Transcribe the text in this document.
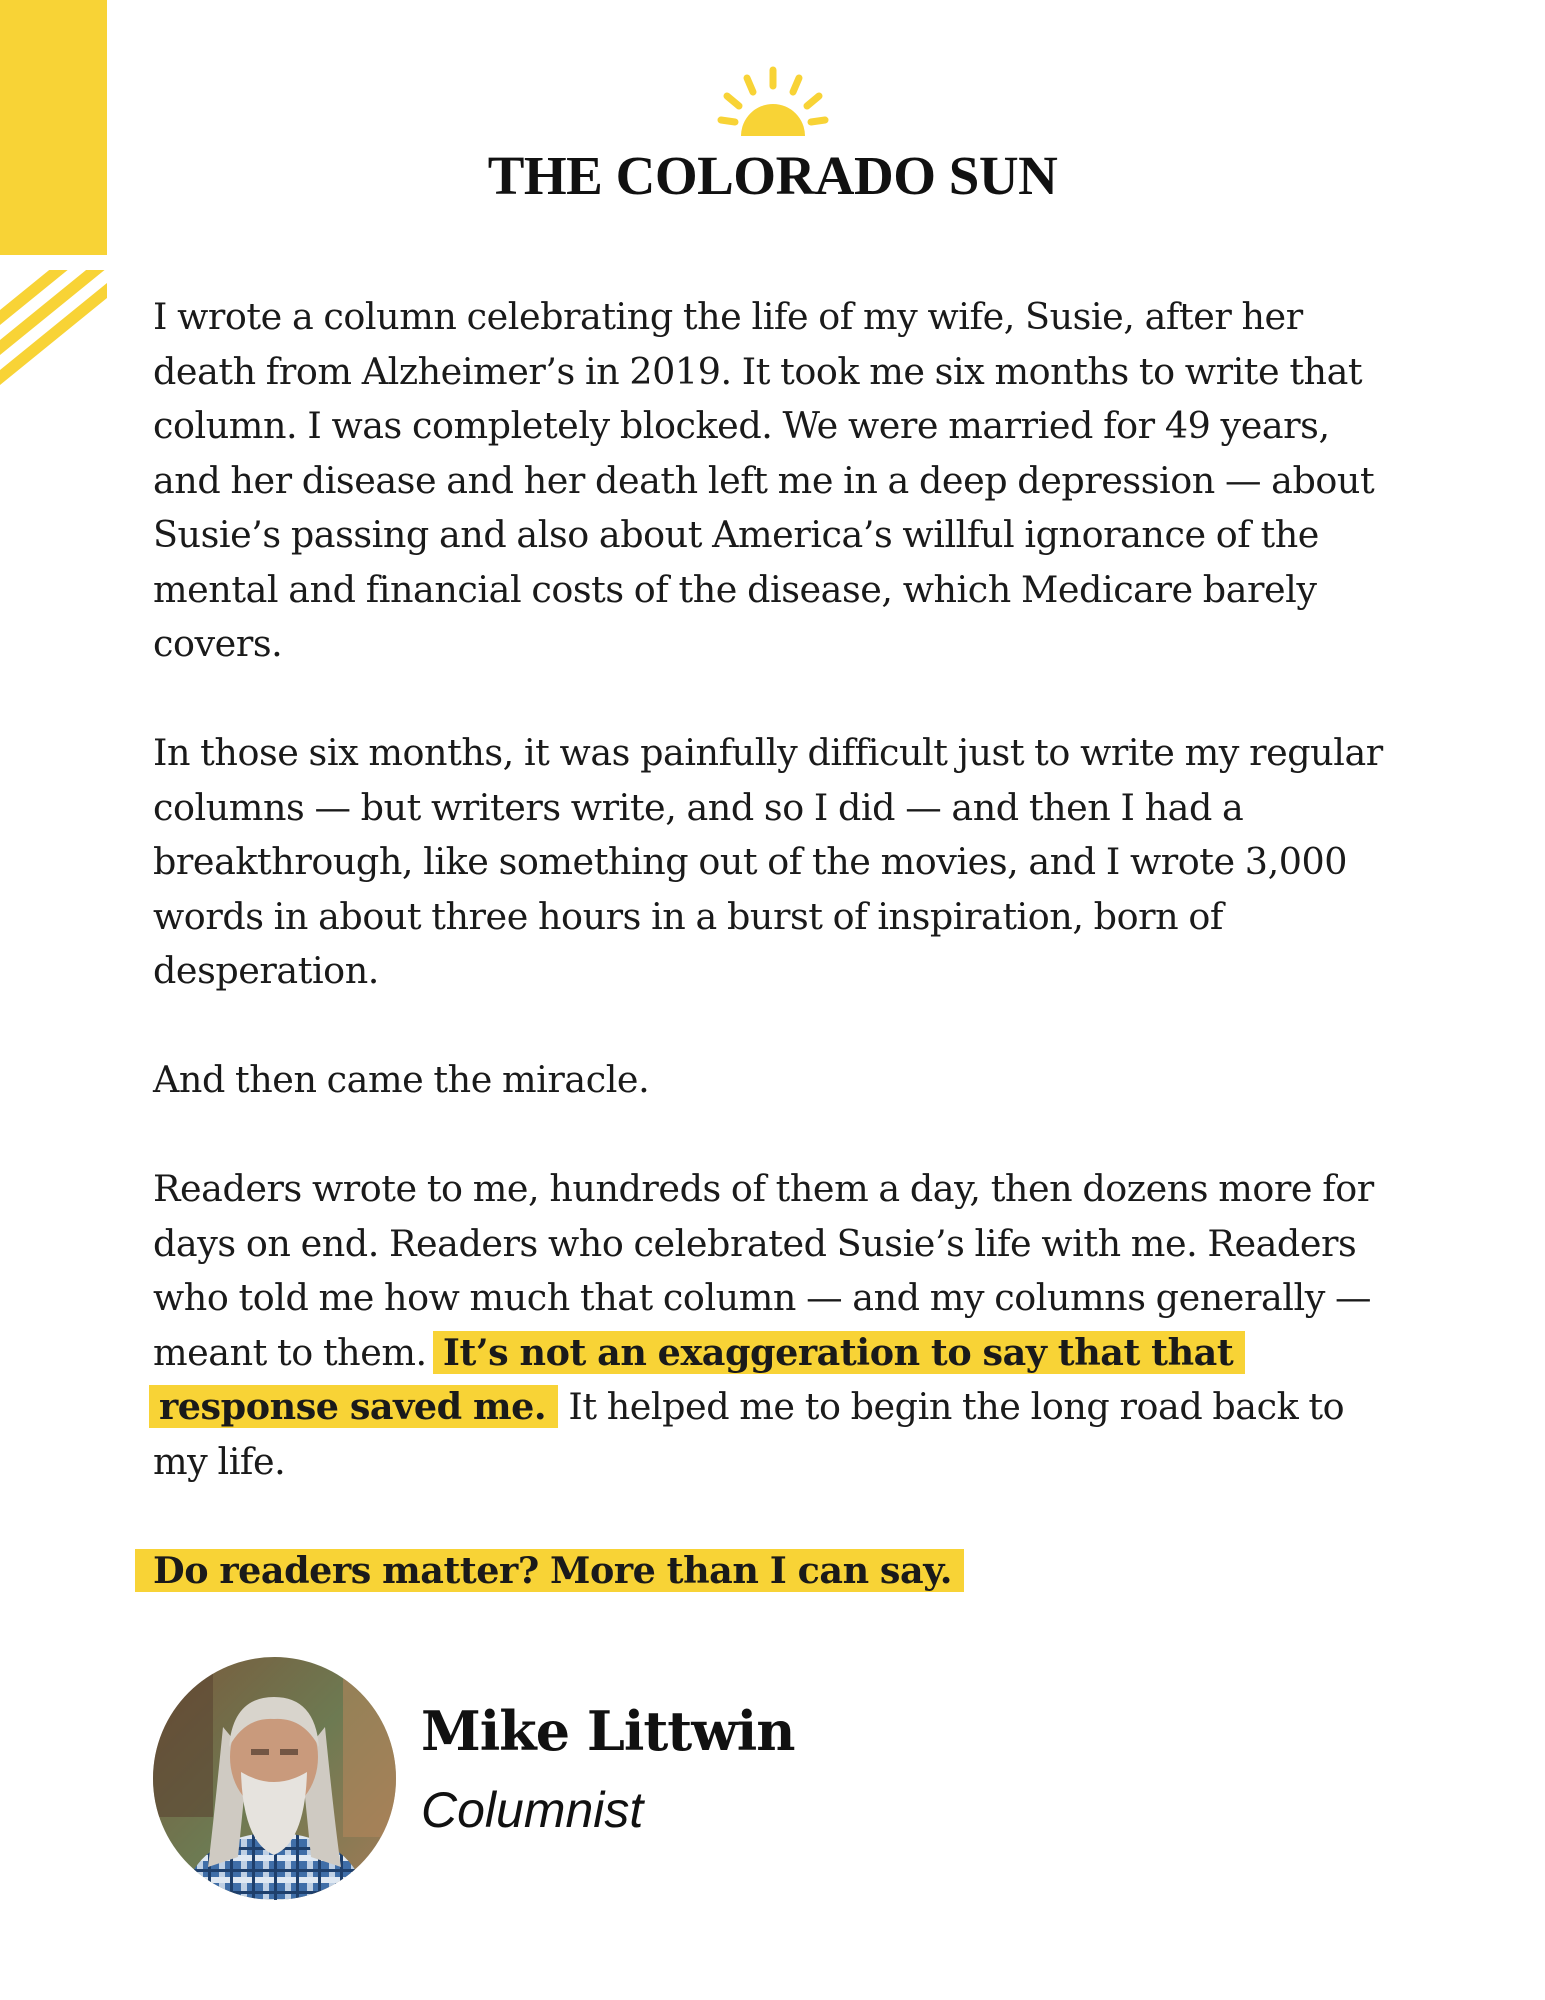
THE COLORADO SUN

I wrote a column celebrating the life of my wife, Susie, after her death from Alzheimer’s in 2019. It took me six months to write that column. I was completely blocked. We were married for 49 years, and her disease and her death left me in a deep depression — about Susie’s passing and also about America’s willful ignorance of the mental and financial costs of the disease, which Medicare barely covers.

In those six months, it was painfully difficult just to write my regular columns — but writers write, and so I did — and then I had a breakthrough, like something out of the movies, and I wrote 3,000 words in about three hours in a burst of inspiration, born of desperation.

And then came the miracle.

Readers wrote to me, hundreds of them a day, then dozens more for days on end. Readers who celebrated Susie’s life with me. Readers who told me how much that column — and my columns generally — meant to them. It’s not an exaggeration to say that that response saved me. It helped me to begin the long road back to my life.

Do readers matter? More than I can say.

Mike Littwin
Columnist
